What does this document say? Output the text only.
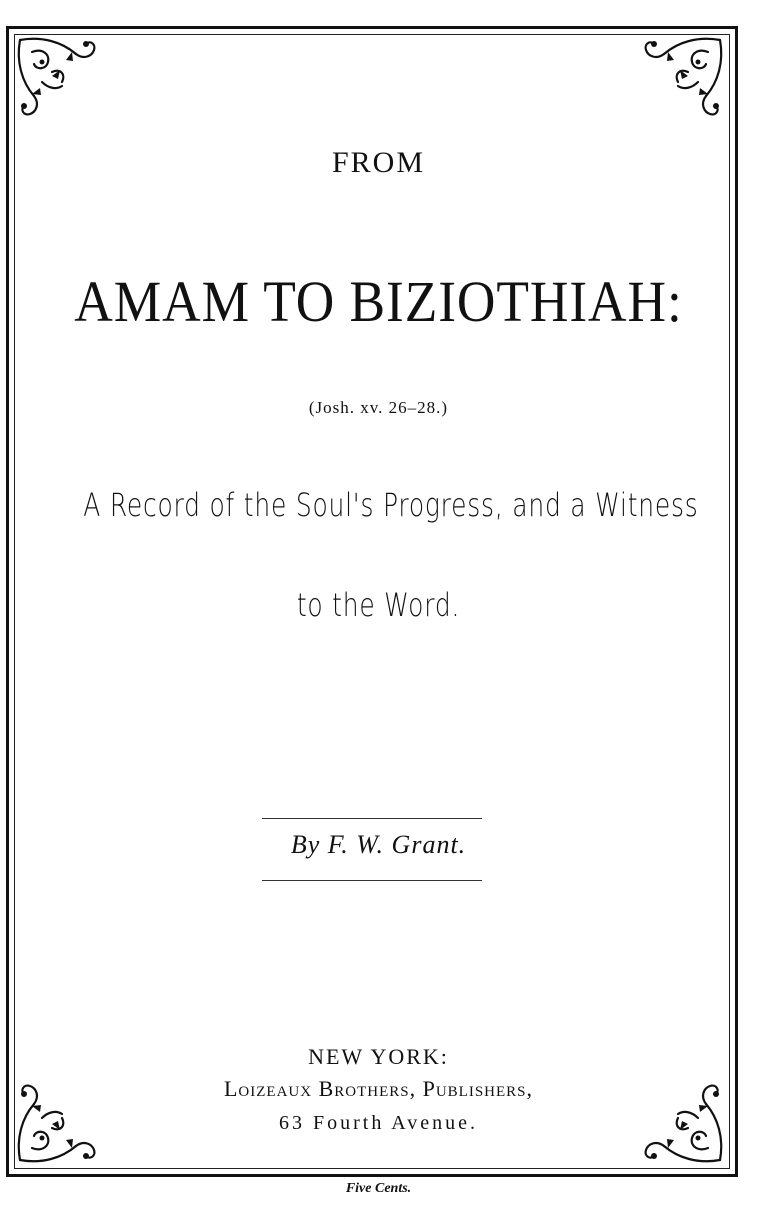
FROM
AMAM TO BIZIOTHIAH:
(Josh. xv. 26–28.)
A Record of the Soul's Progress, and a Witness
to the Word.
By F. W. Grant.
NEW YORK:
Loizeaux Brothers, Publishers,
63 Fourth Avenue.
Five Cents.
